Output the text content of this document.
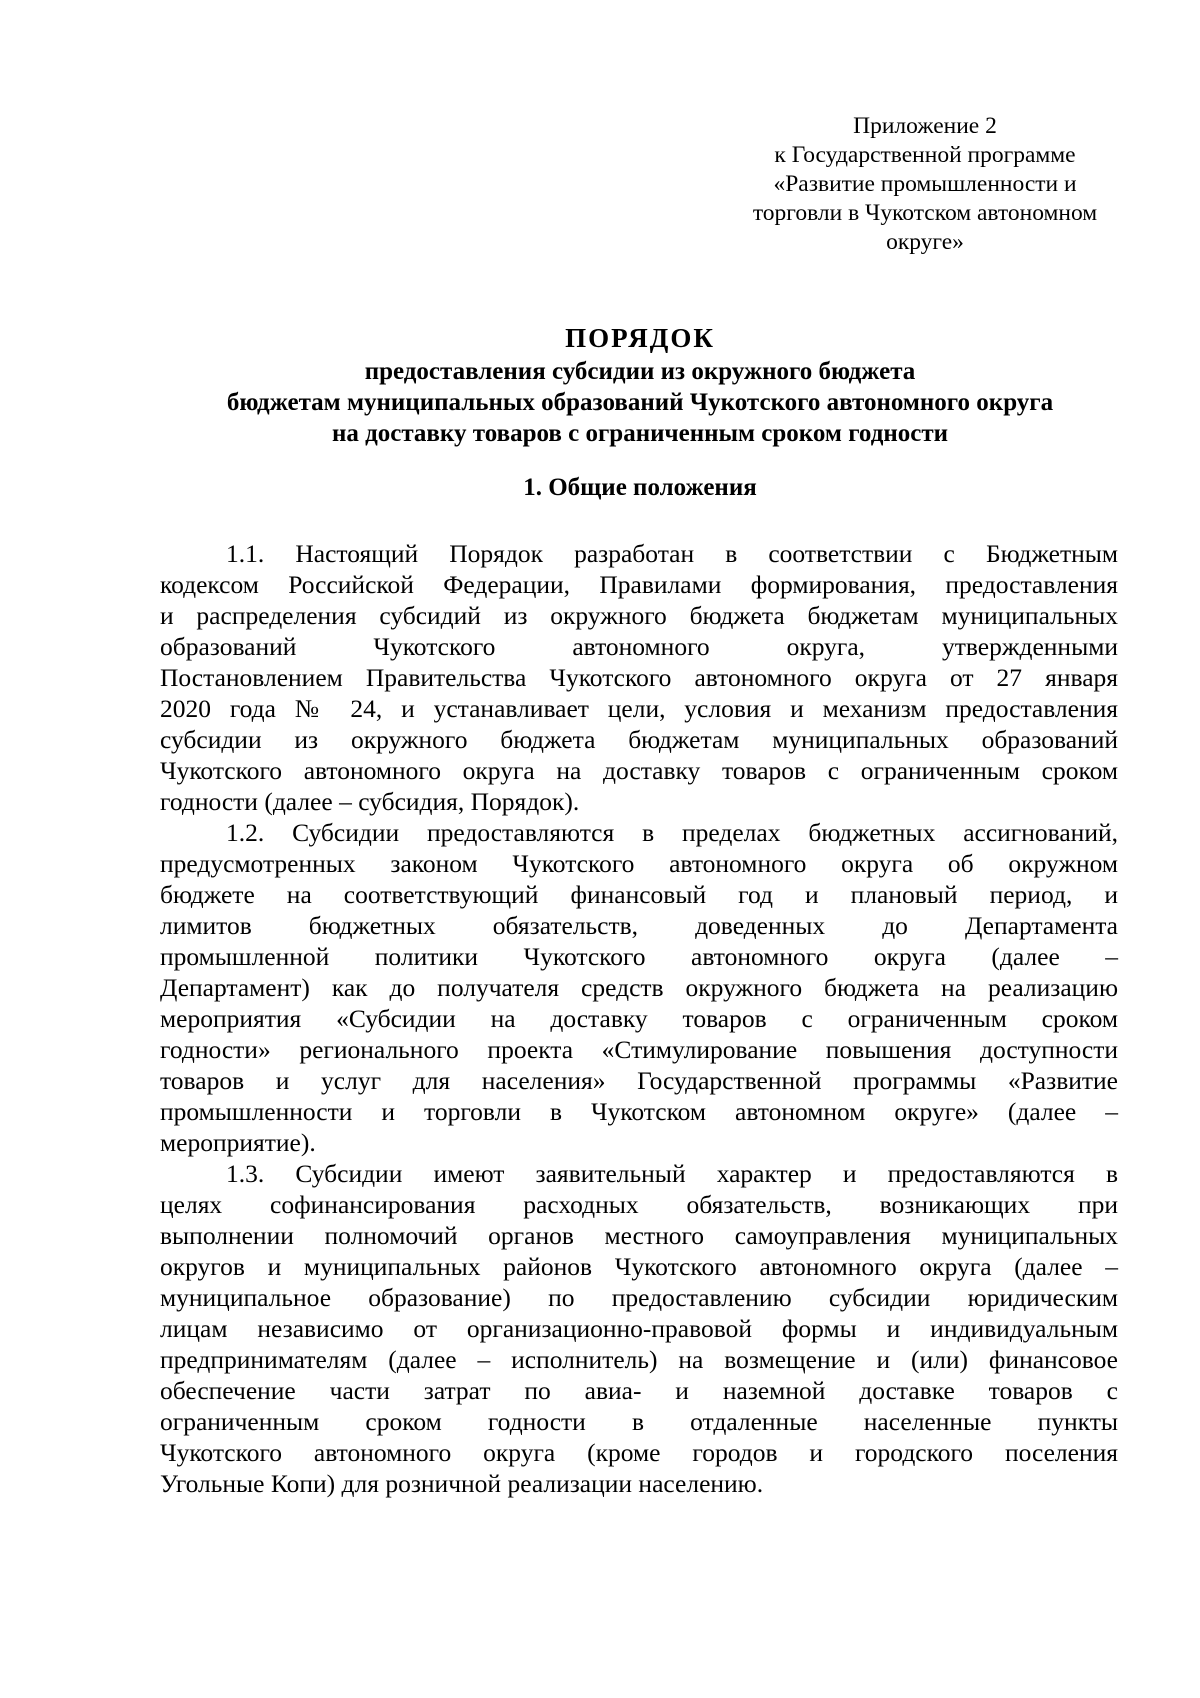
Приложение 2
к Государственной программе
«Развитие промышленности и
торговли в Чукотском автономном
округе»
ПОРЯДОК
предоставления субсидии из окружного бюджета
бюджетам муниципальных образований Чукотского автономного округа
на доставку товаров с ограниченным сроком годности
1. Общие положения

1.1. Настоящий Порядок разработан в соответствии с Бюджетным
кодексом Российской Федерации, Правилами формирования, предоставления
и распределения субсидий из окружного бюджета бюджетам муниципальных
образований Чукотского автономного округа, утвержденными
Постановлением Правительства Чукотского автономного округа от 27 января
2020 года № 24, и устанавливает цели, условия и механизм предоставления
субсидии из окружного бюджета бюджетам муниципальных образований
Чукотского автономного округа на доставку товаров с ограниченным сроком
годности (далее – субсидия, Порядок).

1.2. Субсидии предоставляются в пределах бюджетных ассигнований,
предусмотренных законом Чукотского автономного округа об окружном
бюджете на соответствующий финансовый год и плановый период, и
лимитов бюджетных обязательств, доведенных до Департамента
промышленной политики Чукотского автономного округа (далее –
Департамент) как до получателя средств окружного бюджета на реализацию
мероприятия «Субсидии на доставку товаров с ограниченным сроком
годности» регионального проекта «Стимулирование повышения доступности
товаров и услуг для населения» Государственной программы «Развитие
промышленности и торговли в Чукотском автономном округе» (далее –
мероприятие).

1.3. Субсидии имеют заявительный характер и предоставляются в
целях софинансирования расходных обязательств, возникающих при
выполнении полномочий органов местного самоуправления муниципальных
округов и муниципальных районов Чукотского автономного округа (далее –
муниципальное образование) по предоставлению субсидии юридическим
лицам независимо от организационно-правовой формы и индивидуальным
предпринимателям (далее – исполнитель) на возмещение и (или) финансовое
обеспечение части затрат по авиа- и наземной доставке товаров с
ограниченным сроком годности в отдаленные населенные пункты
Чукотского автономного округа (кроме городов и городского поселения
Угольные Копи) для розничной реализации населению.
